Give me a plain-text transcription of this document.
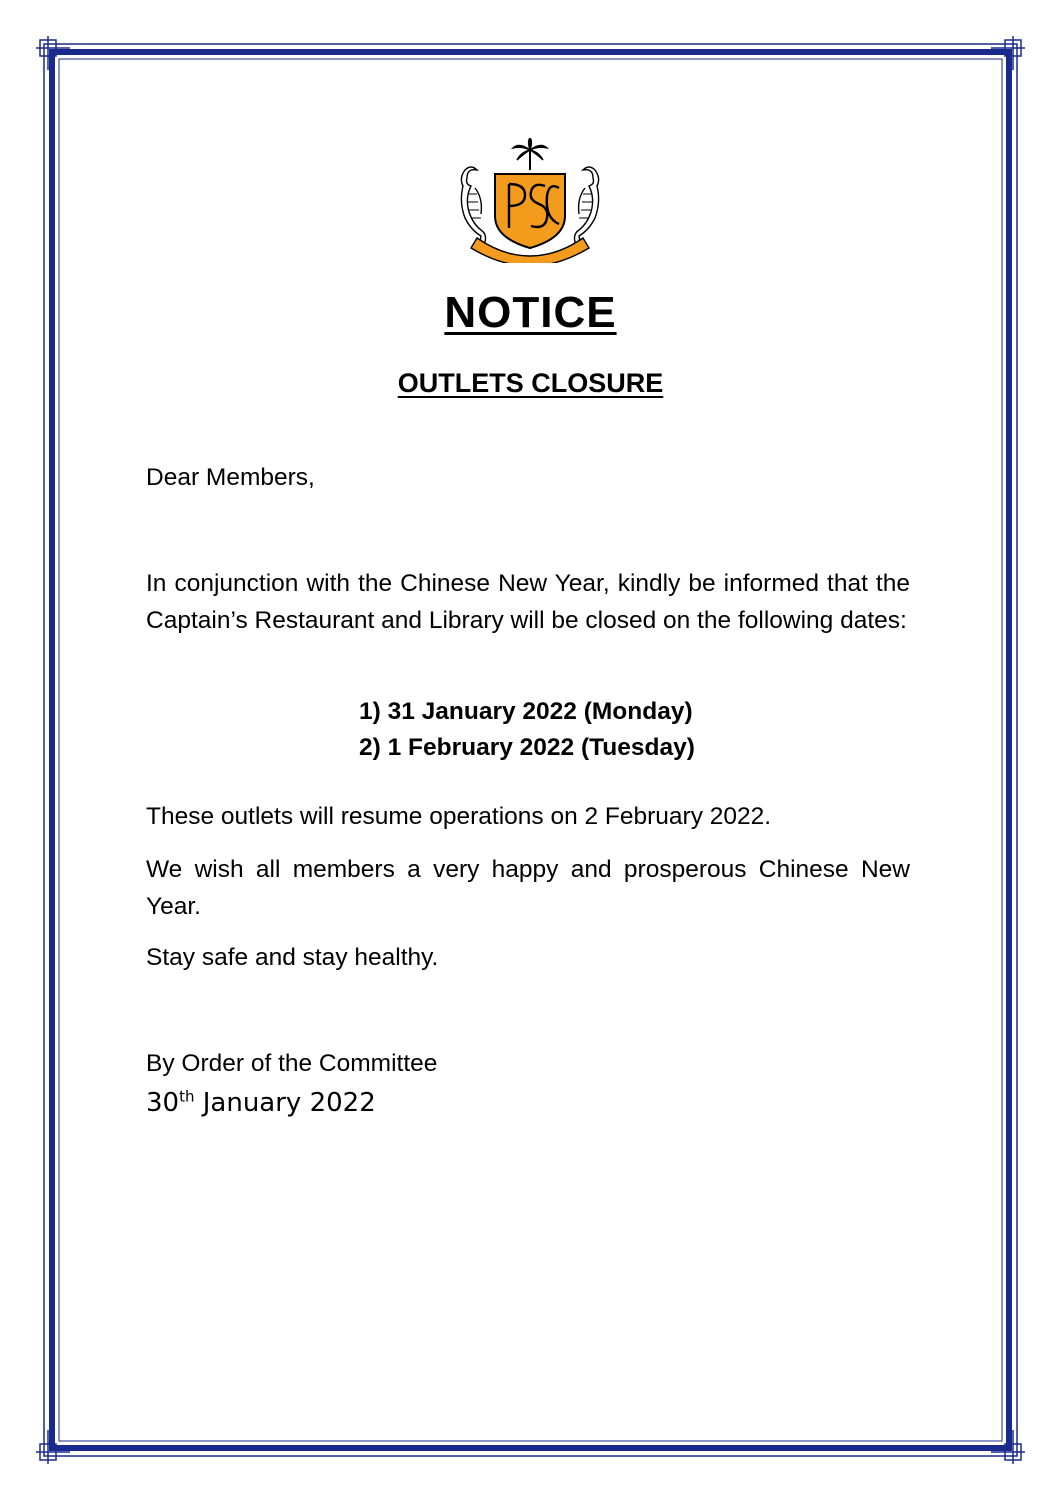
NOTICE
OUTLETS CLOSURE

Dear Members,

In conjunction with the Chinese New Year, kindly be informed that the Captain’s Restaurant and Library will be closed on the following dates:

1) 31 January 2022 (Monday)
2) 1 February 2022 (Tuesday)

These outlets will resume operations on 2 February 2022.

We wish all members a very happy and prosperous Chinese New Year.

Stay safe and stay healthy.

By Order of the Committee

30th January 2022
